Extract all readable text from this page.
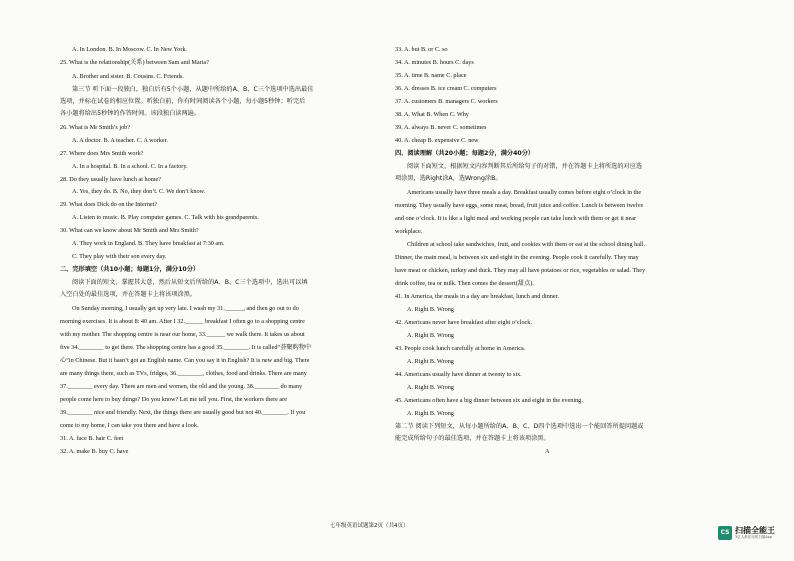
A. In London. B. In Moscow. C. In New York.
25. What is the relationship(关系) between Sam and Maria?
A. Brother and sister. B. Cousins. C. Friends.
第三节 听下面一段独白，独白后有5个小题，从题中所给的A、B、C三个选项中选出最佳
选项，并标在试卷的相应位置。听独白前，你有时间阅读各个小题，每小题5秒钟；听完后
各小题将给出5秒钟的作答时间。该段独白读两遍。
26. What is Mr Smith’s job?
A. A doctor. B. A teacher. C. A worker.
27. Where does Mrs Smith work?
A. In a hospital. B. In a school. C. In a factory.
28. Do they usually have lunch at home?
A. Yes, they do. B. No, they don’t. C. We don’t know.
29. What does Dick do on the Internet?
A. Listen to music. B. Play computer games. C. Talk with his grandparents.
30. What can we know about Mr Smith and Mrs Smith?
A. They work in England. B. They have breakfast at 7:30 am.
C. They play with their son every day.
二、完形填空（共10小题；每题1分，满分10分）
阅读下面的短文，掌握其大意，然后从短文后所给的A、B、C三个选项中，选出可以填
入空白处的最佳选项，并在答题卡上将该项涂黑。
On Sunday morning, I usually get up very late. I wash my 31.______, and then go out to do
morning exercises. It is about 8: 40 am. After I 32.______ breakfast I often go to a shopping centre
with my mother. The shopping centre is near our home, 33.______ we walk there. It takes us about
five 34.________ to get there. The shopping centre has a good 35.________. It is called“荟聚购物中
心”in Chinese. But it hasn’t got an English name. Can you say it in English? It is new and big. There
are many things there, such as TVs, fridges, 36.________, clothes, food and drinks. There are many
37.________ every day. There are men and women, the old and the young. 38.________ do many
people come here to buy things? Do you know? Let me tell you. First, the workers there are
39.________ nice and friendly. Next, the things there are usually good but not 40.________. If you
come to my home, I can take you there and have a look.
31. A. face B. hair C. feet
32. A. make B. buy C. have
33. A. but B. or C. so
34. A. minutes B. hours C. days
35. A. time B. name C. place
36. A. dresses B. ice cream C. computers
37. A. customers B. managers C. workers
38. A. What B. When C. Why
39. A. always B. never C. sometimes
40. A. cheap B. expensive C. new
四、阅读理解（共20小题；每题2分，满分40分）
阅读下面短文，根据短文内容判断其后所给句子的对错，并在答题卡上将所选的对应选
项涂黑，选Right涂A，选Wrong涂B。
Americans usually have three meals a day. Breakfast usually comes before eight o’clock in the
morning. They usually have eggs, some meat, bread, fruit juice and coffee. Lunch is between twelve
and one o’clock. It is like a light meal and working people can take lunch with them or get it near
workplace.
Children at school take sandwiches, fruit, and cookies with them or eat at the school dining hall.
Dinner, the main meal, is between six and eight in the evening. People cook it carefully. They may
have meat or chicken, turkey and duck. They may all have potatoes or rice, vegetables or salad. They
drink coffee, tea or milk. Then comes the dessert(甜点).
41. In America, the meals in a day are breakfast, lunch and dinner.
A. Right B. Wrong
42. Americans never have breakfast after eight o’clock.
A. Right B. Wrong
43. People cook lunch carefully at home in America.
A. Right B. Wrong
44. Americans usually have dinner at twenty to six.
A. Right B. Wrong
45. Americans often have a big dinner between six and eight in the evening.
A. Right B. Wrong
第二节 阅读下列短文，从每小题所给的A、B、C、D四个选项中选出一个能回答所提问题或
能完成所给句子的最佳选项，并在答题卡上将该项涂黑。
A
七年级英语试题第2页（共4页）
CS 扫描全能王
3亿人都在用的扫描App
